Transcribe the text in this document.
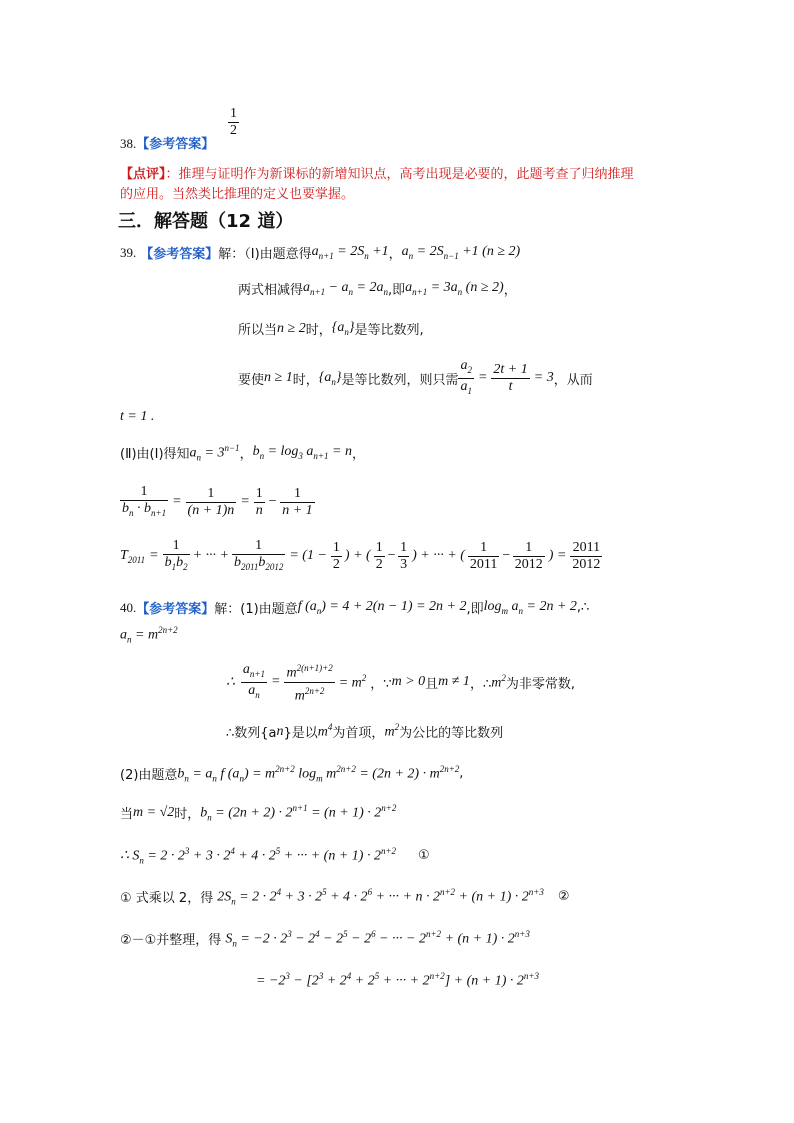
38.【参考答案】
$\frac{1}{2}$
【点评】：推理与证明作为新课标的新增知识点，高考出现是必要的，此题考查了归纳推理
的应用。当然类比推理的定义也要掌握。
三．解答题（12 道）
39. 【参考答案】 解：（Ⅰ)由题意得 $a_{n+1} = 2S_n +1$ ， $a_n = 2S_{n-1} +1$ (n ≥ 2)
两式相减得 $a_{n+1} - a_n = 2a_n$ ,即 $a_{n+1} = 3a_n$ (n ≥ 2) ，
所以当 n ≥ 2 时， $\{a_n\}$ 是等比数列,
要使 n ≥ 1 时， $\{a_n\}$ 是等比数列，则只需 $\frac{a_2}{a_1} = \frac{2t + 1}{t} = 3$ ，从而
t = 1 .
(Ⅱ)由(Ⅰ)得知 $a_n = 3^{n-1}$ ， $b_n = \log_3 a_{n+1} = n$ ，
$\frac{1}{b_n \cdot b_{n+1}} = \frac{1}{(n + 1)n} = \frac{1}{n} - \frac{1}{n + 1}$
$T_{2011} = \frac{1}{b_1b_2}$ + ··· + $\frac{1}{b_{2011}b_{2012}} = (1 - \frac{1}{2}$ ) + ( $\frac{1}{2} - \frac{1}{3}$ ) + ··· + ( $\frac{1}{2011} - \frac{1}{2012}$ ) = $\frac{2011}{2012}$
40. 【参考答案】 解：(1)由题意 f $(a_n) = 4 + 2(n - 1) = 2n + 2$ ,即 $\log_m a_n = 2n + 2$ ,∴
$a_n = m^{2n+2}$
∴ $\frac{a_{n+1}}{a_n} = \frac{m^{2(n+1)+2}}{m^{2n+2}} = m^2$ ，∵ m > 0 且 m ≠ 1 ，∴ $m^2$ 为非零常数,
∴数列{a n }是以 $m^4$ 为首项， $m^2$ 为公比的等比数列
(2)由题意 $b_n = a_n$ f $(a_n) = m^{2n+2}$ $\log_m m^{2n+2} = (2n + 2) \cdot m^{2n+2}$ ,
当 m = √2 时， $b_n = (2n + 2) \cdot 2^{n+1} = (n + 1) \cdot 2^{n+2}$
∴ $S_n = 2 \cdot 2^3 + 3 \cdot 2^4 + 4 \cdot 2^5$ + ··· + $(n + 1) \cdot 2^{n+2}$ ①
① 式乘以 2，得 $2S_n = 2 \cdot 2^4 + 3 \cdot 2^5 + 4 \cdot 2^6$ + ··· + $n \cdot 2^{n+2} + (n + 1) \cdot 2^{n+3}$ ②
②－①并整理，得 $S_n = -2 \cdot 2^3 - 2^4 - 2^5 - 2^6$ − ··· − $2^{n+2} + (n + 1) \cdot 2^{n+3}$
= $-2^3 - [2^3 + 2^4 + 2^5$ + ··· + $2^{n+2}] + (n + 1) \cdot 2^{n+3}$
